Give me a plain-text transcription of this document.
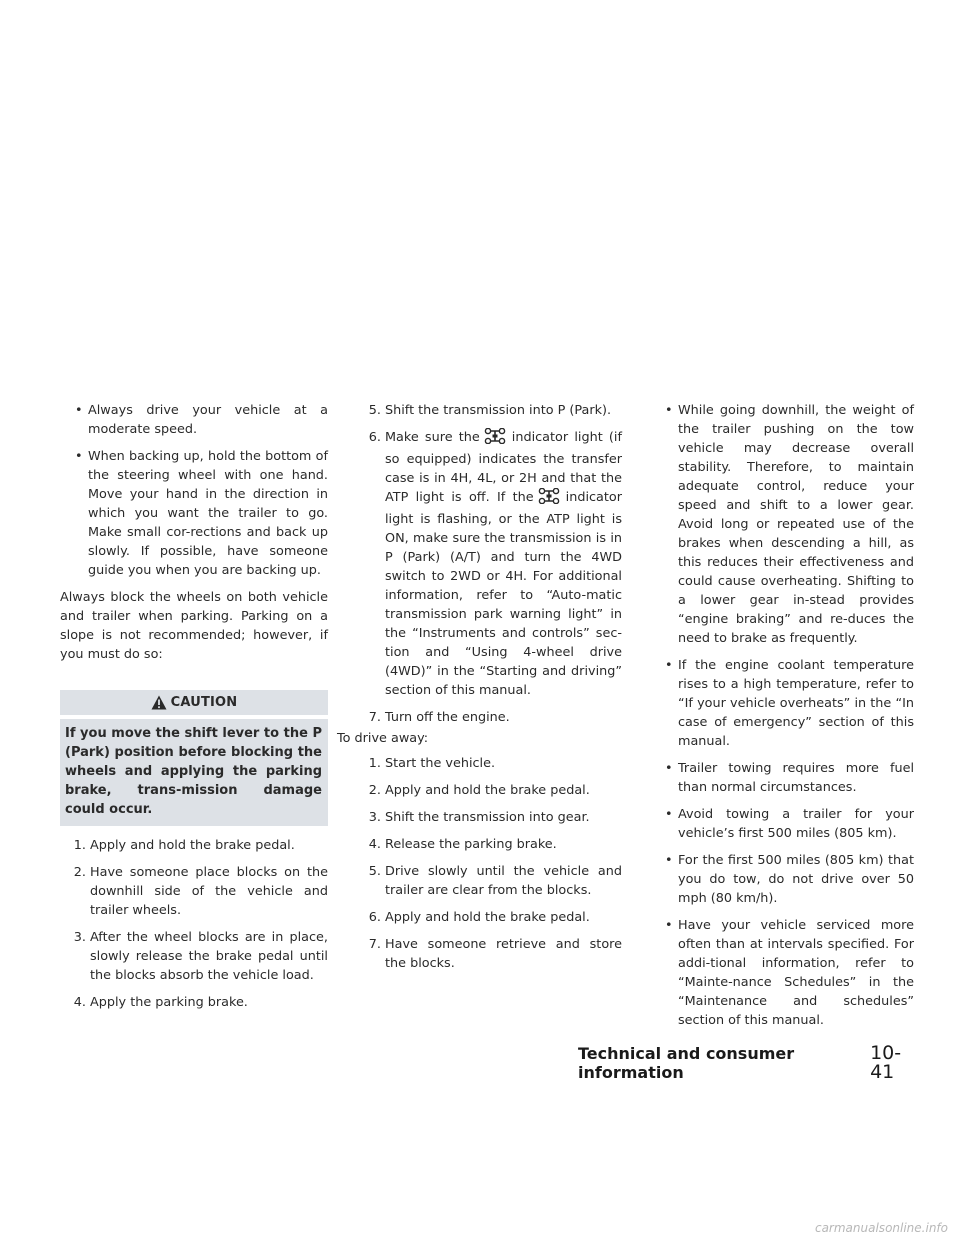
• Always drive your vehicle at a moderate speed.
• When backing up, hold the bottom of the steering wheel with one hand. Move your hand in the direction in which you want the trailer to go. Make small cor-rections and back up slowly. If possible, have someone guide you when you are backing up.

Always block the wheels on both vehicle and trailer when parking. Parking on a slope is not recommended; however, if you must do so:

CAUTION
If you move the shift lever to the P (Park) position before blocking the wheels and applying the parking brake, trans-mission damage could occur.
1. Apply and hold the brake pedal.
2. Have someone place blocks on the downhill side of the vehicle and trailer wheels.
3. After the wheel blocks are in place, slowly release the brake pedal until the blocks absorb the vehicle load.
4. Apply the parking brake.
5. Shift the transmission into P (Park).
6. Make sure the	indicator light (if so equipped) indicates the transfer case is in 4H, 4L, or 2H and that the ATP light is off. If the	indicator light is flashing, or the ATP light is ON, make sure the transmission is in P (Park) (A/T) and turn the 4WD switch to 2WD or 4H. For additional information, refer to “Auto-matic transmission park warning light” in the “Instruments and controls” sec-tion and “Using 4-wheel drive (4WD)” in the “Starting and driving” section of this manual.
7. Turn off the engine.

To drive away:

1. Start the vehicle.
2. Apply and hold the brake pedal.
3. Shift the transmission into gear.
4. Release the parking brake.
5. Drive slowly until the vehicle and trailer are clear from the blocks.
6. Apply and hold the brake pedal.
7. Have someone retrieve and store the blocks.
• While going downhill, the weight of the trailer pushing on the tow vehicle may decrease overall stability. Therefore, to maintain adequate control, reduce your speed and shift to a lower gear. Avoid long or repeated use of the brakes when descending a hill, as this reduces their effectiveness and could cause overheating. Shifting to a lower gear in-stead provides “engine braking” and re-duces the need to brake as frequently.
• If the engine coolant temperature rises to a high temperature, refer to “If your vehicle overheats” in the “In case of emergency” section of this manual.
• Trailer towing requires more fuel than normal circumstances.
• Avoid towing a trailer for your vehicle’s first 500 miles (805 km).
• For the first 500 miles (805 km) that you do tow, do not drive over 50 mph (80 km/h).
• Have your vehicle serviced more often than at intervals specified. For addi-tional information, refer to “Mainte-nance Schedules” in the “Maintenance and schedules” section of this manual.
Technical and consumer information
10-41
carmanualsonline.info
